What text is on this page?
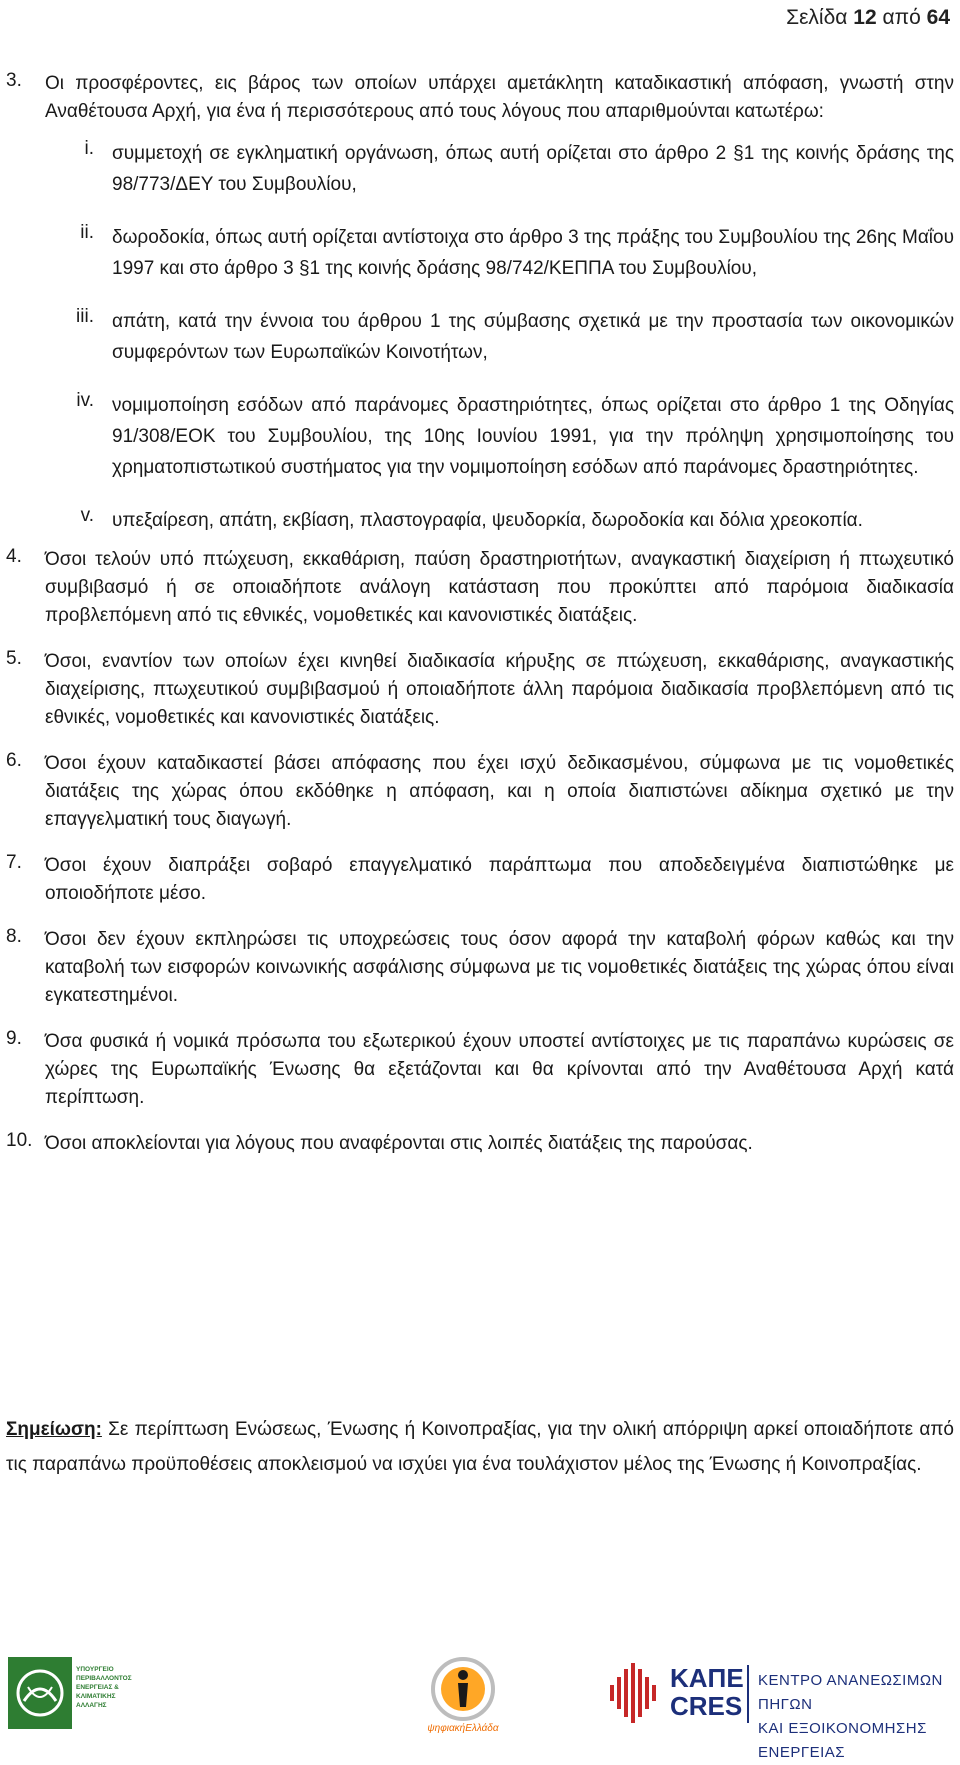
Σελίδα 12 από 64
3.	Οι προσφέροντες, εις βάρος των οποίων υπάρχει αμετάκλητη καταδικαστική απόφαση, γνωστή στην Αναθέτουσα Αρχή, για ένα ή περισσότερους από τους λόγους που απαριθμούνται κατωτέρω:
i. συμμετοχή σε εγκληματική οργάνωση, όπως αυτή ορίζεται στο άρθρο 2 §1 της κοινής δράσης της 98/773/ΔΕΥ του Συμβουλίου,
ii. δωροδοκία, όπως αυτή ορίζεται αντίστοιχα στο άρθρο 3 της πράξης του Συμβουλίου της 26ης Μαΐου 1997 και στο άρθρο 3 §1 της κοινής δράσης 98/742/ΚΕΠΠΑ του Συμβουλίου,
iii. απάτη, κατά την έννοια του άρθρου 1 της σύμβασης σχετικά με την προστασία των οικονομικών συμφερόντων των Ευρωπαϊκών Κοινοτήτων,
iv. νομιμοποίηση εσόδων από παράνομες δραστηριότητες, όπως ορίζεται στο άρθρο 1 της Οδηγίας 91/308/ΕΟΚ του Συμβουλίου, της 10ης Ιουνίου 1991, για την πρόληψη χρησιμοποίησης του χρηματοπιστωτικού συστήματος για την νομιμοποίηση εσόδων από παράνομες δραστηριότητες.
v. υπεξαίρεση, απάτη, εκβίαση, πλαστογραφία, ψευδορκία, δωροδοκία και δόλια χρεοκοπία.
4.	Όσοι τελούν υπό πτώχευση, εκκαθάριση, παύση δραστηριοτήτων, αναγκαστική διαχείριση ή πτωχευτικό συμβιβασμό ή σε οποιαδήποτε ανάλογη κατάσταση που προκύπτει από παρόμοια διαδικασία προβλεπόμενη από τις εθνικές, νομοθετικές και κανονιστικές διατάξεις.
5.	Όσοι, εναντίον των οποίων έχει κινηθεί διαδικασία κήρυξης σε πτώχευση, εκκαθάρισης, αναγκαστικής διαχείρισης, πτωχευτικού συμβιβασμού ή οποιαδήποτε άλλη παρόμοια διαδικασία προβλεπόμενη από τις εθνικές, νομοθετικές και κανονιστικές διατάξεις.
6.	Όσοι έχουν καταδικαστεί βάσει απόφασης που έχει ισχύ δεδικασμένου, σύμφωνα με τις νομοθετικές διατάξεις της χώρας όπου εκδόθηκε η απόφαση, και η οποία διαπιστώνει αδίκημα σχετικό με την επαγγελματική τους διαγωγή.
7.	Όσοι έχουν διαπράξει σοβαρό επαγγελματικό παράπτωμα που αποδεδειγμένα διαπιστώθηκε με οποιοδήποτε μέσο.
8.	Όσοι δεν έχουν εκπληρώσει τις υποχρεώσεις τους όσον αφορά την καταβολή φόρων καθώς και την καταβολή των εισφορών κοινωνικής ασφάλισης σύμφωνα με τις νομοθετικές διατάξεις της χώρας όπου είναι εγκατεστημένοι.
9.	Όσα φυσικά ή νομικά πρόσωπα του εξωτερικού έχουν υποστεί αντίστοιχες με τις παραπάνω κυρώσεις σε χώρες της Ευρωπαϊκής Ένωσης θα εξετάζονται και θα κρίνονται από την Αναθέτουσα Αρχή κατά περίπτωση.
10. Όσοι αποκλείονται για λόγους που αναφέρονται στις λοιπές διατάξεις της παρούσας.
Σημείωση: Σε περίπτωση Ενώσεως, Ένωσης ή Κοινοπραξίας, για την ολική απόρριψη αρκεί οποιαδήποτε από τις παραπάνω προϋποθέσεις αποκλεισμού να ισχύει για ένα τουλάχιστον μέλος της Ένωσης ή Κοινοπραξίας.
ΥΠΟΥΡΓΕΙΟ
ΠΕΡΙΒΑΛΛΟΝΤΟΣ
ΕΝΕΡΓΕΙΑΣ &
ΚΛΙΜΑΤΙΚΗΣ
ΑΛΛΑΓΗΣ
ψηφιακήΕλλάδα
ΚΑΠΕ
CRES
ΚΕΝΤΡΟ ΑΝΑΝΕΩΣΙΜΩΝ ΠΗΓΩΝ
ΚΑΙ ΕΞΟΙΚΟΝΟΜΗΣΗΣ ΕΝΕΡΓΕΙΑΣ
